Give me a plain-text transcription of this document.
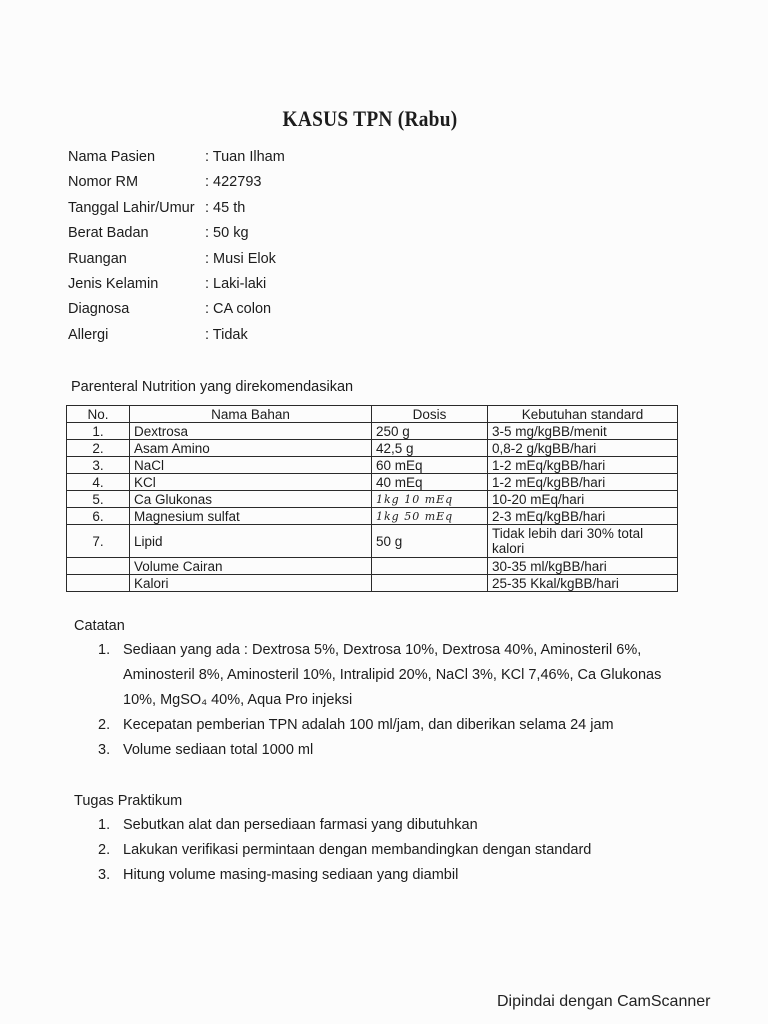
KASUS TPN (Rabu)
Nama Pasien	: Tuan Ilham
Nomor RM	: 422793
Tanggal Lahir/Umur : 45 th
Berat Badan	: 50 kg
Ruangan	: Musi Elok
Jenis Kelamin	: Laki-laki
Diagnosa	: CA colon
Allergi	: Tidak
Parenteral Nutrition yang direkomendasikan
No.	Nama Bahan	Dosis	Kebutuhan standard
1.	Dextrosa	250 g	3-5 mg/kgBB/menit
2.	Asam Amino	42,5 g	0,8-2 g/kgBB/hari
3.	NaCl	60 mEq	1-2 mEq/kgBB/hari
4.	KCl	40 mEq	1-2 mEq/kgBB/hari
5.	Ca Glukonas	1kg 10 mEq	10-20 mEq/hari
6.	Magnesium sulfat	1kg 50 mEq	2-3 mEq/kgBB/hari
7.	Lipid	50 g	Tidak lebih dari 30% total kalori
	Volume Cairan		30-35 ml/kgBB/hari
	Kalori		25-35 Kkal/kgBB/hari
Catatan
1. Sediaan yang ada : Dextrosa 5%, Dextrosa 10%, Dextrosa 40%, Aminosteril 6%, Aminosteril 8%, Aminosteril 10%, Intralipid 20%, NaCl 3%, KCl 7,46%, Ca Glukonas 10%, MgSO₄ 40%, Aqua Pro injeksi
2. Kecepatan pemberian TPN adalah 100 ml/jam, dan diberikan selama 24 jam
3. Volume sediaan total 1000 ml
Tugas Praktikum
1. Sebutkan alat dan persediaan farmasi yang dibutuhkan
2. Lakukan verifikasi permintaan dengan membandingkan dengan standard
3. Hitung volume masing-masing sediaan yang diambil
Dipindai dengan CamScanner
